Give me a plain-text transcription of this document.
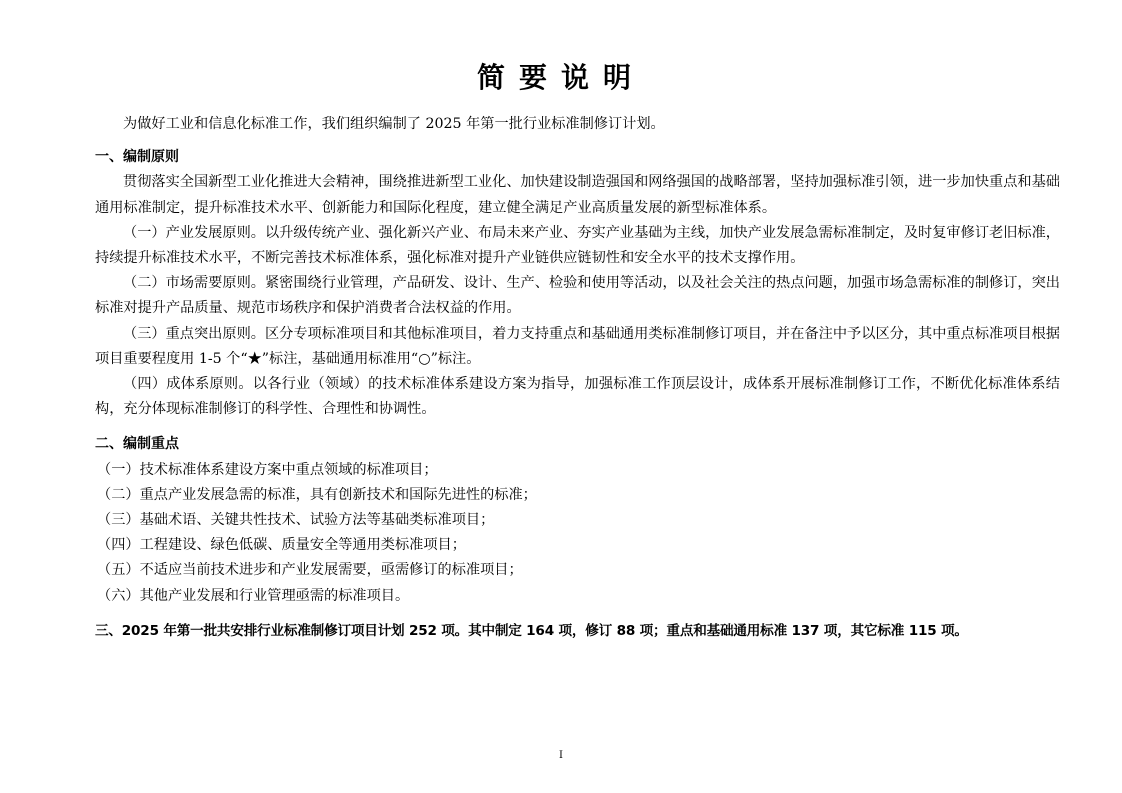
简要说明

为做好工业和信息化标准工作，我们组织编制了 2025 年第一批行业标准制修订计划。

一、编制原则

贯彻落实全国新型工业化推进大会精神，围绕推进新型工业化、加快建设制造强国和网络强国的战略部署，坚持加强标准引领，进一步加快重点和基础通用标准制定，提升标准技术水平、创新能力和国际化程度，建立健全满足产业高质量发展的新型标准体系。

（一）产业发展原则。以升级传统产业、强化新兴产业、布局未来产业、夯实产业基础为主线，加快产业发展急需标准制定，及时复审修订老旧标准，持续提升标准技术水平，不断完善技术标准体系，强化标准对提升产业链供应链韧性和安全水平的技术支撑作用。

（二）市场需要原则。紧密围绕行业管理，产品研发、设计、生产、检验和使用等活动，以及社会关注的热点问题，加强市场急需标准的制修订，突出标准对提升产品质量、规范市场秩序和保护消费者合法权益的作用。

（三）重点突出原则。区分专项标准项目和其他标准项目，着力支持重点和基础通用类标准制修订项目，并在备注中予以区分，其中重点标准项目根据项目重要程度用 1-5 个“★”标注，基础通用标准用“○”标注。

（四）成体系原则。以各行业（领域）的技术标准体系建设方案为指导，加强标准工作顶层设计，成体系开展标准制修订工作，不断优化标准体系结构，充分体现标准制修订的科学性、合理性和协调性。

二、编制重点

（一）技术标准体系建设方案中重点领域的标准项目；

（二）重点产业发展急需的标准，具有创新技术和国际先进性的标准；

（三）基础术语、关键共性技术、试验方法等基础类标准项目；

（四）工程建设、绿色低碳、质量安全等通用类标准项目；

（五）不适应当前技术进步和产业发展需要，亟需修订的标准项目；

（六）其他产业发展和行业管理亟需的标准项目。

三、2025 年第一批共安排行业标准制修订项目计划 252 项。其中制定 164 项，修订 88 项；重点和基础通用标准 137 项，其它标准 115 项。

I
